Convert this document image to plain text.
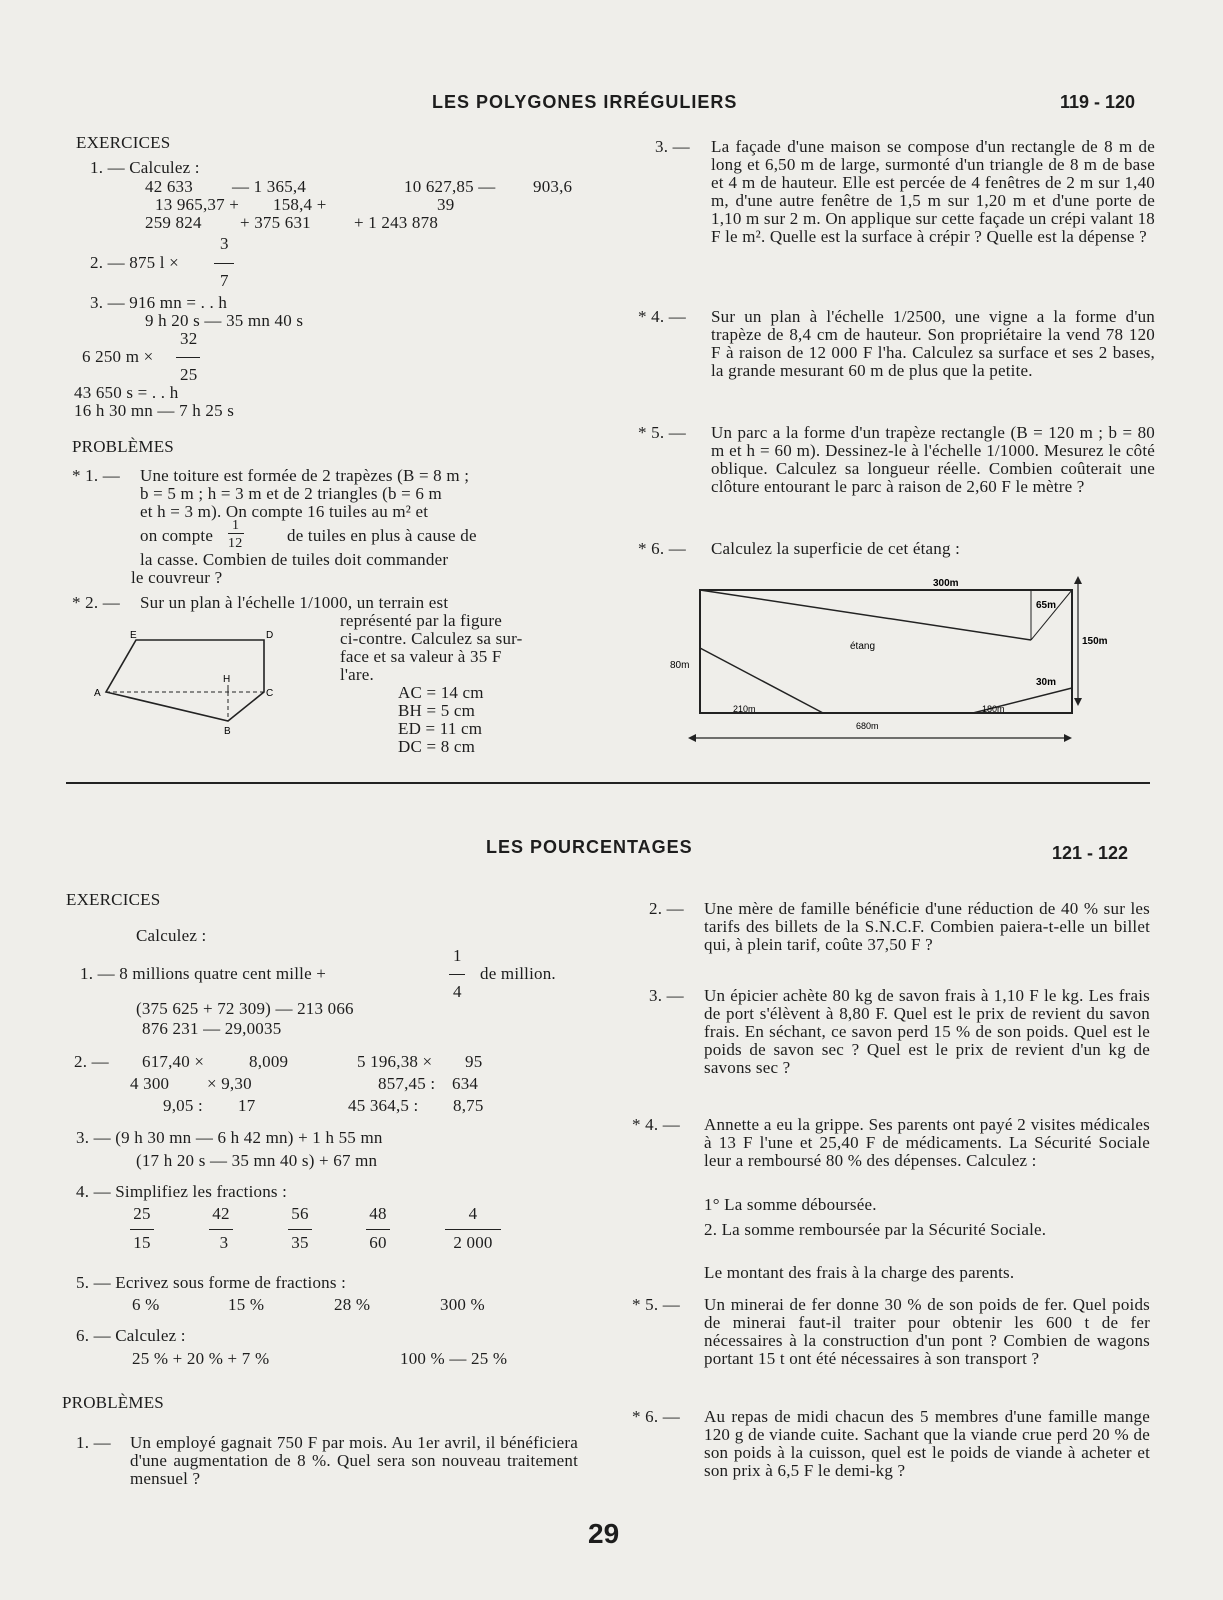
LES POLYGONES IRRÉGULIERS	119 - 120
EXERCICES
1. — Calculez :
42 633 — 1 365,4	10 627,85 — 903,6
13 965,37 + 158,4 +	39
259 824 + 375 631	+ 1 243 878
3
2. — 875 l ×
7
3. — 916 mn = . . h
9 h 20 s — 35 mn 40 s
32
6 250 m ×
25
43 650 s = . . h
16 h 30 mn — 7 h 25 s
PROBLÈMES
* 1. — Une toiture est formée de 2 trapèzes (B = 8 m ;
b = 5 m ; h = 3 m et de 2 triangles (b = 6 m
et h = 3 m). On compte 16 tuiles au m² et
on compte
1
12	de tuiles en plus à cause de
la casse. Combien de tuiles doit commander
le couvreur ?
* 2. — Sur un plan à l'échelle 1/1000, un terrain est
représenté par la figure
ci-contre. Calculez sa sur-
face et sa valeur à 35 F
l'are.
AC = 14 cm
BH = 5 cm
ED = 11 cm
DC = 8 cm
E	D
A	C
H
B
3. — La façade d'une maison se compose d'un rectangle de 8 m de long et 6,50 m de large, surmonté d'un triangle de 8 m de base et 4 m de hauteur. Elle est percée de 4 fenêtres de 2 m sur 1,40 m, d'une autre fenêtre de 1,5 m sur 1,20 m et d'une porte de 1,10 m sur 2 m. On applique sur cette façade un crépi valant 18 F le m². Quelle est la surface à crépir ? Quelle est la dépense ?
* 4. — Sur un plan à l'échelle 1/2500, une vigne a la forme d'un trapèze de 8,4 cm de hauteur. Son propriétaire la vend 78 120 F à raison de 12 000 F l'ha. Calculez sa surface et ses 2 bases, la grande mesurant 60 m de plus que la petite.
* 5. — Un parc a la forme d'un trapèze rectangle (B = 120 m ; b = 80 m et h = 60 m). Dessinez-le à l'échelle 1/1000. Mesurez le côté oblique. Calculez sa longueur réelle. Combien coûterait une clôture entourant le parc à raison de 2,60 F le mètre ?
* 6. — Calculez la superficie de cet étang :
300m
65m
150m
30m
80m
étang
210m	180m
680m
LES POURCENTAGES	121 - 122
EXERCICES
Calculez :
1
1. — 8 millions quatre cent mille +
4
de million.
(375 625 + 72 309) — 213 066
876 231 — 29,0035
2. — 617,40 ×	8,009	5 196,38 × 95
4 300 × 9,30	857,45 : 634
9,05 : 17	45 364,5 : 8,75
3. — (9 h 30 mn — 6 h 42 mn) + 1 h 55 mn
(17 h 20 s — 35 mn 40 s) + 67 mn
4. — Simplifiez les fractions :
25
15
42
3
56
35
48
60
4
2 000
5. — Ecrivez sous forme de fractions :
6 %	15 %	28 %	300 %
6. — Calculez :
25 % + 20 % + 7 %	100 % — 25 %
PROBLÈMES
1. — Un employé gagnait 750 F par mois. Au 1er avril, il bénéficiera d'une augmentation de 8 %. Quel sera son nouveau traitement mensuel ?
2. — Une mère de famille bénéficie d'une réduction de 40 % sur les tarifs des billets de la S.N.C.F. Combien paiera-t-elle un billet qui, à plein tarif, coûte 37,50 F ?
3. — Un épicier achète 80 kg de savon frais à 1,10 F le kg. Les frais de port s'élèvent à 8,80 F. Quel est le prix de revient du savon frais. En séchant, ce savon perd 15 % de son poids. Quel est le poids de savon sec ? Quel est le prix de revient d'un kg de savons sec ?
* 4. — Annette a eu la grippe. Ses parents ont payé 2 visites médicales à 13 F l'une et 25,40 F de médicaments. La Sécurité Sociale leur a remboursé 80 % des dépenses. Calculez :
1° La somme déboursée.
2. La somme remboursée par la Sécurité Sociale.
Le montant des frais à la charge des parents.
* 5. — Un minerai de fer donne 30 % de son poids de fer. Quel poids de minerai faut-il traiter pour obtenir les 600 t de fer nécessaires à la construction d'un pont ? Combien de wagons portant 15 t ont été nécessaires à son transport ?
* 6. — Au repas de midi chacun des 5 membres d'une famille mange 120 g de viande cuite. Sachant que la viande crue perd 20 % de son poids à la cuisson, quel est le poids de viande à acheter et son prix à 6,5 F le demi-kg ?
29
